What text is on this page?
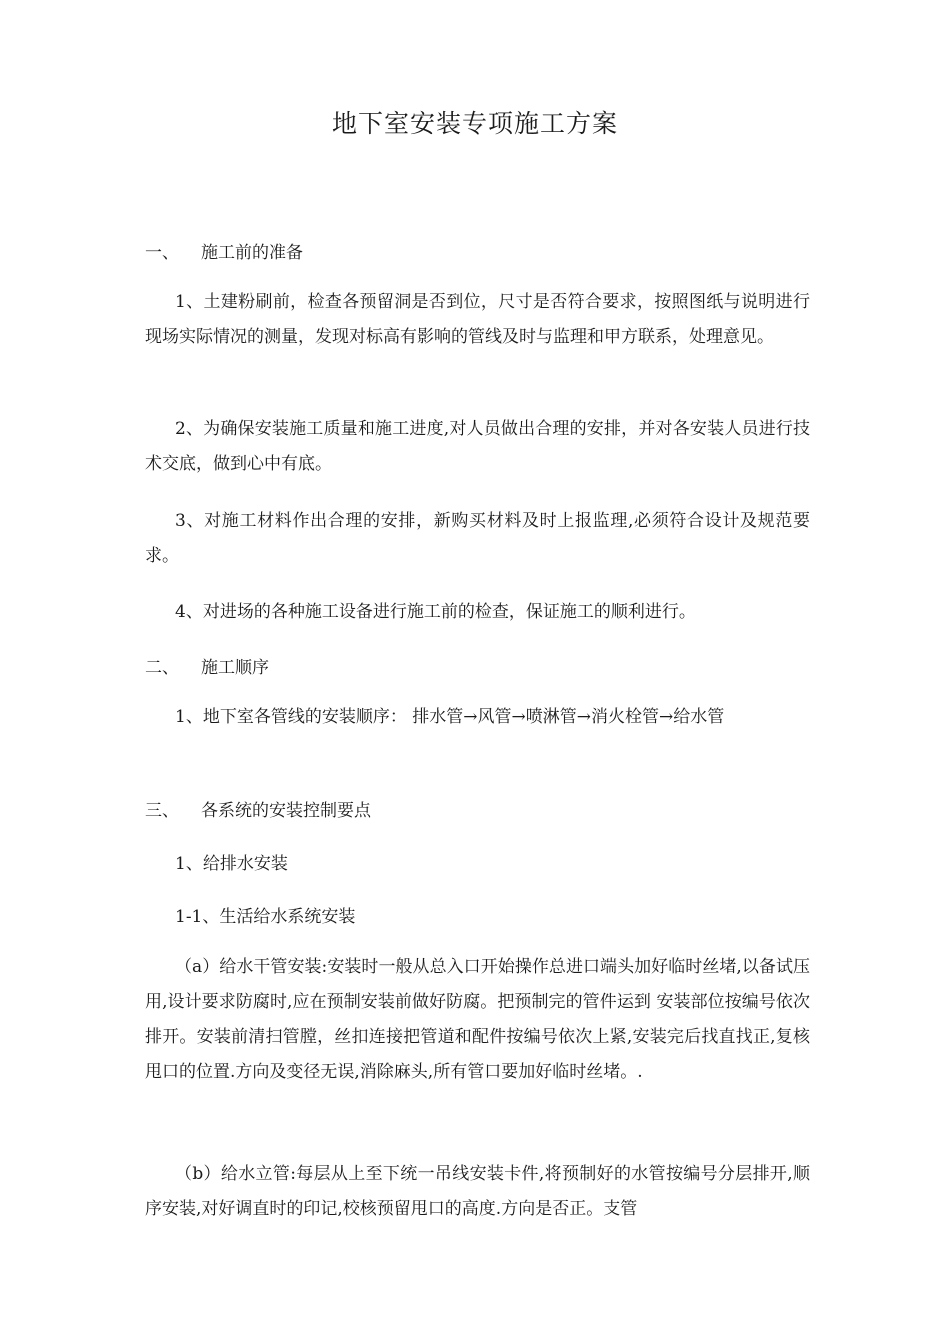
地下室安装专项施工方案
一、 施工前的准备

1、土建粉刷前，检查各预留洞是否到位，尺寸是否符合要求，按照图纸与说明进行现场实际情况的测量，发现对标高有影响的管线及时与监理和甲方联系，处理意见。

2、为确保安装施工质量和施工进度,对人员做出合理的安排，并对各安装人员进行技术交底，做到心中有底。

3、对施工材料作出合理的安排，新购买材料及时上报监理,必须符合设计及规范要求。

4、对进场的各种施工设备进行施工前的检查，保证施工的顺利进行。

二、 施工顺序

1、地下室各管线的安装顺序： 排水管→风管→喷淋管→消火栓管→给水管

三、 各系统的安装控制要点
1、给排水安装
1-1、生活给水系统安装

（a）给水干管安装:安装时一般从总入口开始操作总进口端头加好临时丝堵,以备试压用,设计要求防腐时,应在预制安装前做好防腐。把预制完的管件运到 安装部位按编号依次排开。安装前清扫管膛，丝扣连接把管道和配件按编号依次上紧,安装完后找直找正,复核甩口的位置.方向及变径无误,消除麻头,所有管口要加好临时丝堵。.

（b）给水立管:每层从上至下统一吊线安装卡件,将预制好的水管按编号分层排开,顺序安装,对好调直时的印记,校核预留甩口的高度.方向是否正。支管
